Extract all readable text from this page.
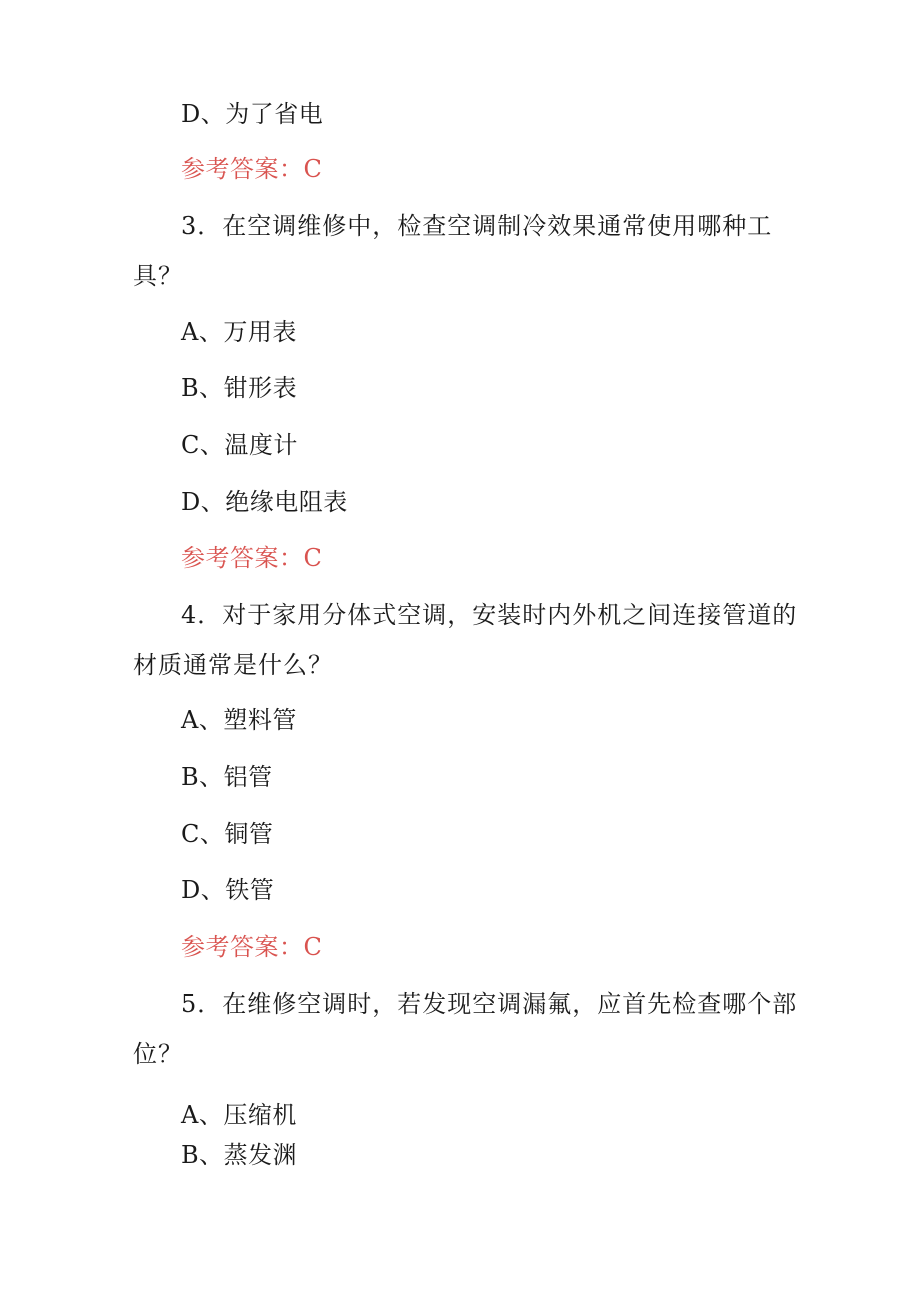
D、为了省电
参考答案：C
3．在空调维修中，检查空调制冷效果通常使用哪种工
具？
A、万用表
B、钳形表
C、温度计
D、绝缘电阻表
参考答案：C
4．对于家用分体式空调，安装时内外机之间连接管道的
材质通常是什么？
A、塑料管
B、铝管
C、铜管
D、铁管
参考答案：C
5．在维修空调时，若发现空调漏氟，应首先检查哪个部
位？
A、压缩机
B、蒸发渊
